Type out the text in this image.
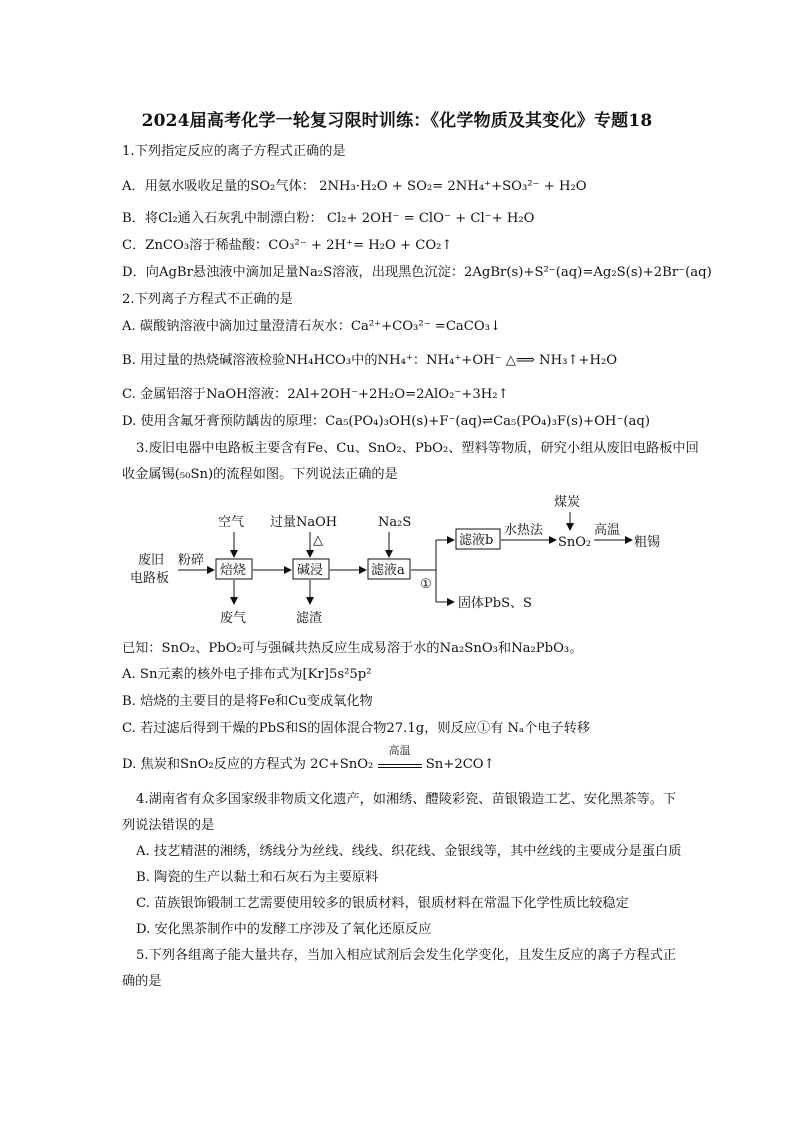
2024届高考化学一轮复习限时训练：《化学物质及其变化》专题18
1.下列指定反应的离子方程式正确的是
A．用氨水吸收足量的SO₂气体： 2NH₃·H₂O + SO₂= 2NH₄⁺+SO₃²⁻ + H₂O
B．将Cl₂通入石灰乳中制漂白粉： Cl₂+ 2OH⁻ = ClO⁻ + Cl⁻+ H₂O
C．ZnCO₃溶于稀盐酸：CO₃²⁻ + 2H⁺= H₂O + CO₂↑
D．向AgBr悬浊液中滴加足量Na₂S溶液，出现黑色沉淀：2AgBr(s)+S²⁻(aq)=Ag₂S(s)+2Br⁻(aq)
2.下列离子方程式不正确的是
A. 碳酸钠溶液中滴加过量澄清石灰水：Ca²⁺+CO₃²⁻ =CaCO₃↓
B. 用过量的热烧碱溶液检验NH₄HCO₃中的NH₄⁺：NH₄⁺+OH⁻ △⟹ NH₃↑+H₂O
C. 金属铝溶于NaOH溶液：2Al+2OH⁻+2H₂O=2AlO₂⁻+3H₂↑
D. 使用含氟牙膏预防龋齿的原理：Ca₅(PO₄)₃OH(s)+F⁻(aq)⇌Ca₅(PO₄)₃F(s)+OH⁻(aq)
3.废旧电器中电路板主要含有Fe、Cu、SnO₂、PbO₂、塑料等物质，研究小组从废旧电路板中回
收金属锡(₅₀Sn)的流程如图。下列说法正确的是
废旧
电路板
粉碎
焙烧
空气
废气
碱浸
过量NaOH
△
滤渣
滤液a
Na₂S
①
固体PbS、S
滤液b
水热法
SnO₂
煤炭
高温
粗锡
已知：SnO₂、PbO₂可与强碱共热反应生成易溶于水的Na₂SnO₃和Na₂PbO₃。
A. Sn元素的核外电子排布式为[Kr]5s²5p²
B. 焙烧的主要目的是将Fe和Cu变成氧化物
C. 若过滤后得到干燥的PbS和S的固体混合物27.1g，则反应①有 Nₐ个电子转移
D. 焦炭和SnO₂反应的方程式为 2C+SnO₂
高温
Sn+2CO↑
4.湖南省有众多国家级非物质文化遗产，如湘绣、醴陵彩瓷、苗银锻造工艺、安化黑茶等。下
列说法错误的是
A. 技艺精湛的湘绣，绣线分为丝线、线线、织花线、金银线等，其中丝线的主要成分是蛋白质
B. 陶瓷的生产以黏土和石灰石为主要原料
C. 苗族银饰锻制工艺需要使用较多的银质材料，银质材料在常温下化学性质比较稳定
D. 安化黑茶制作中的发酵工序涉及了氧化还原反应
5.下列各组离子能大量共存，当加入相应试剂后会发生化学变化，且发生反应的离子方程式正
确的是
